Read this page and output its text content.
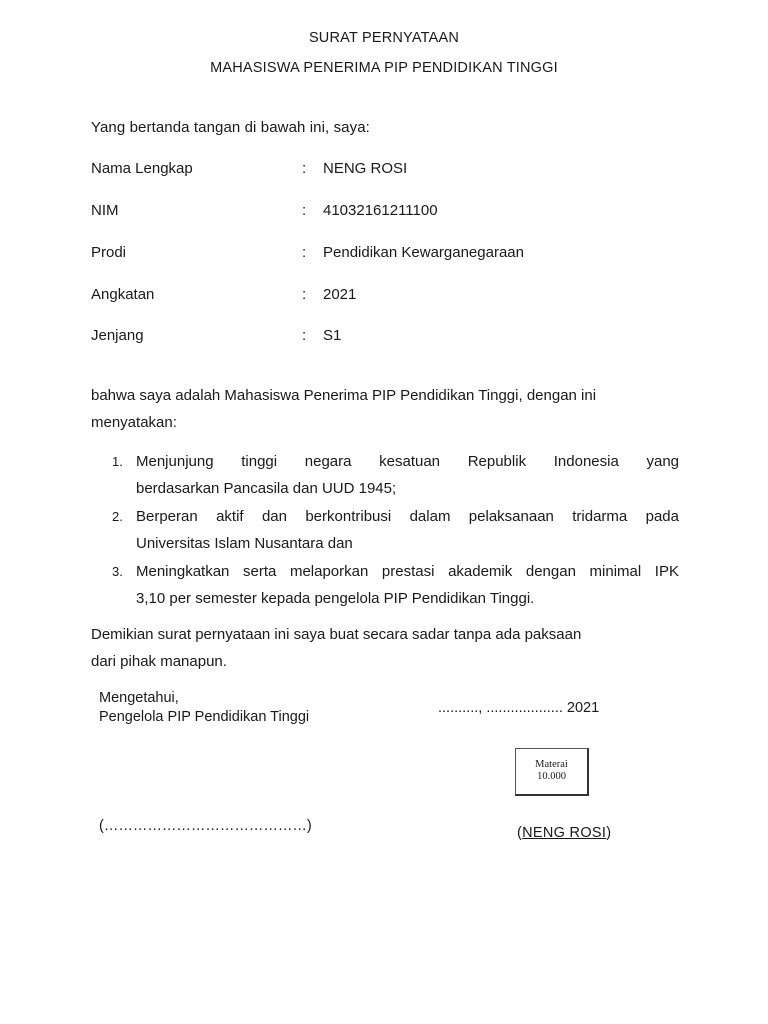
SURAT PERNYATAAN
MAHASISWA PENERIMA PIP PENDIDIKAN TINGGI
Yang bertanda tangan di bawah ini, saya:
Nama Lengkap	: NENG ROSI
NIM	: 41032161211100
Prodi	: Pendidikan Kewarganegaraan
Angkatan	: 2021
Jenjang	: S1
bahwa saya adalah Mahasiswa Penerima PIP Pendidikan Tinggi, dengan ini
menyatakan:
1. Menjunjung tinggi negara kesatuan Republik Indonesia yang
berdasarkan Pancasila dan UUD 1945;
2. Berperan aktif dan berkontribusi dalam pelaksanaan tridarma pada
Universitas Islam Nusantara dan
3. Meningkatkan serta melaporkan prestasi akademik dengan minimal IPK
3,10 per semester kepada pengelola PIP Pendidikan Tinggi.
Demikian surat pernyataan ini saya buat secara sadar tanpa ada paksaan
dari pihak manapun.
Mengetahui,
Pengelola PIP Pendidikan Tinggi
.........., ................... 2021
Materai
10.000
(……………………………………)	(NENG ROSI)
